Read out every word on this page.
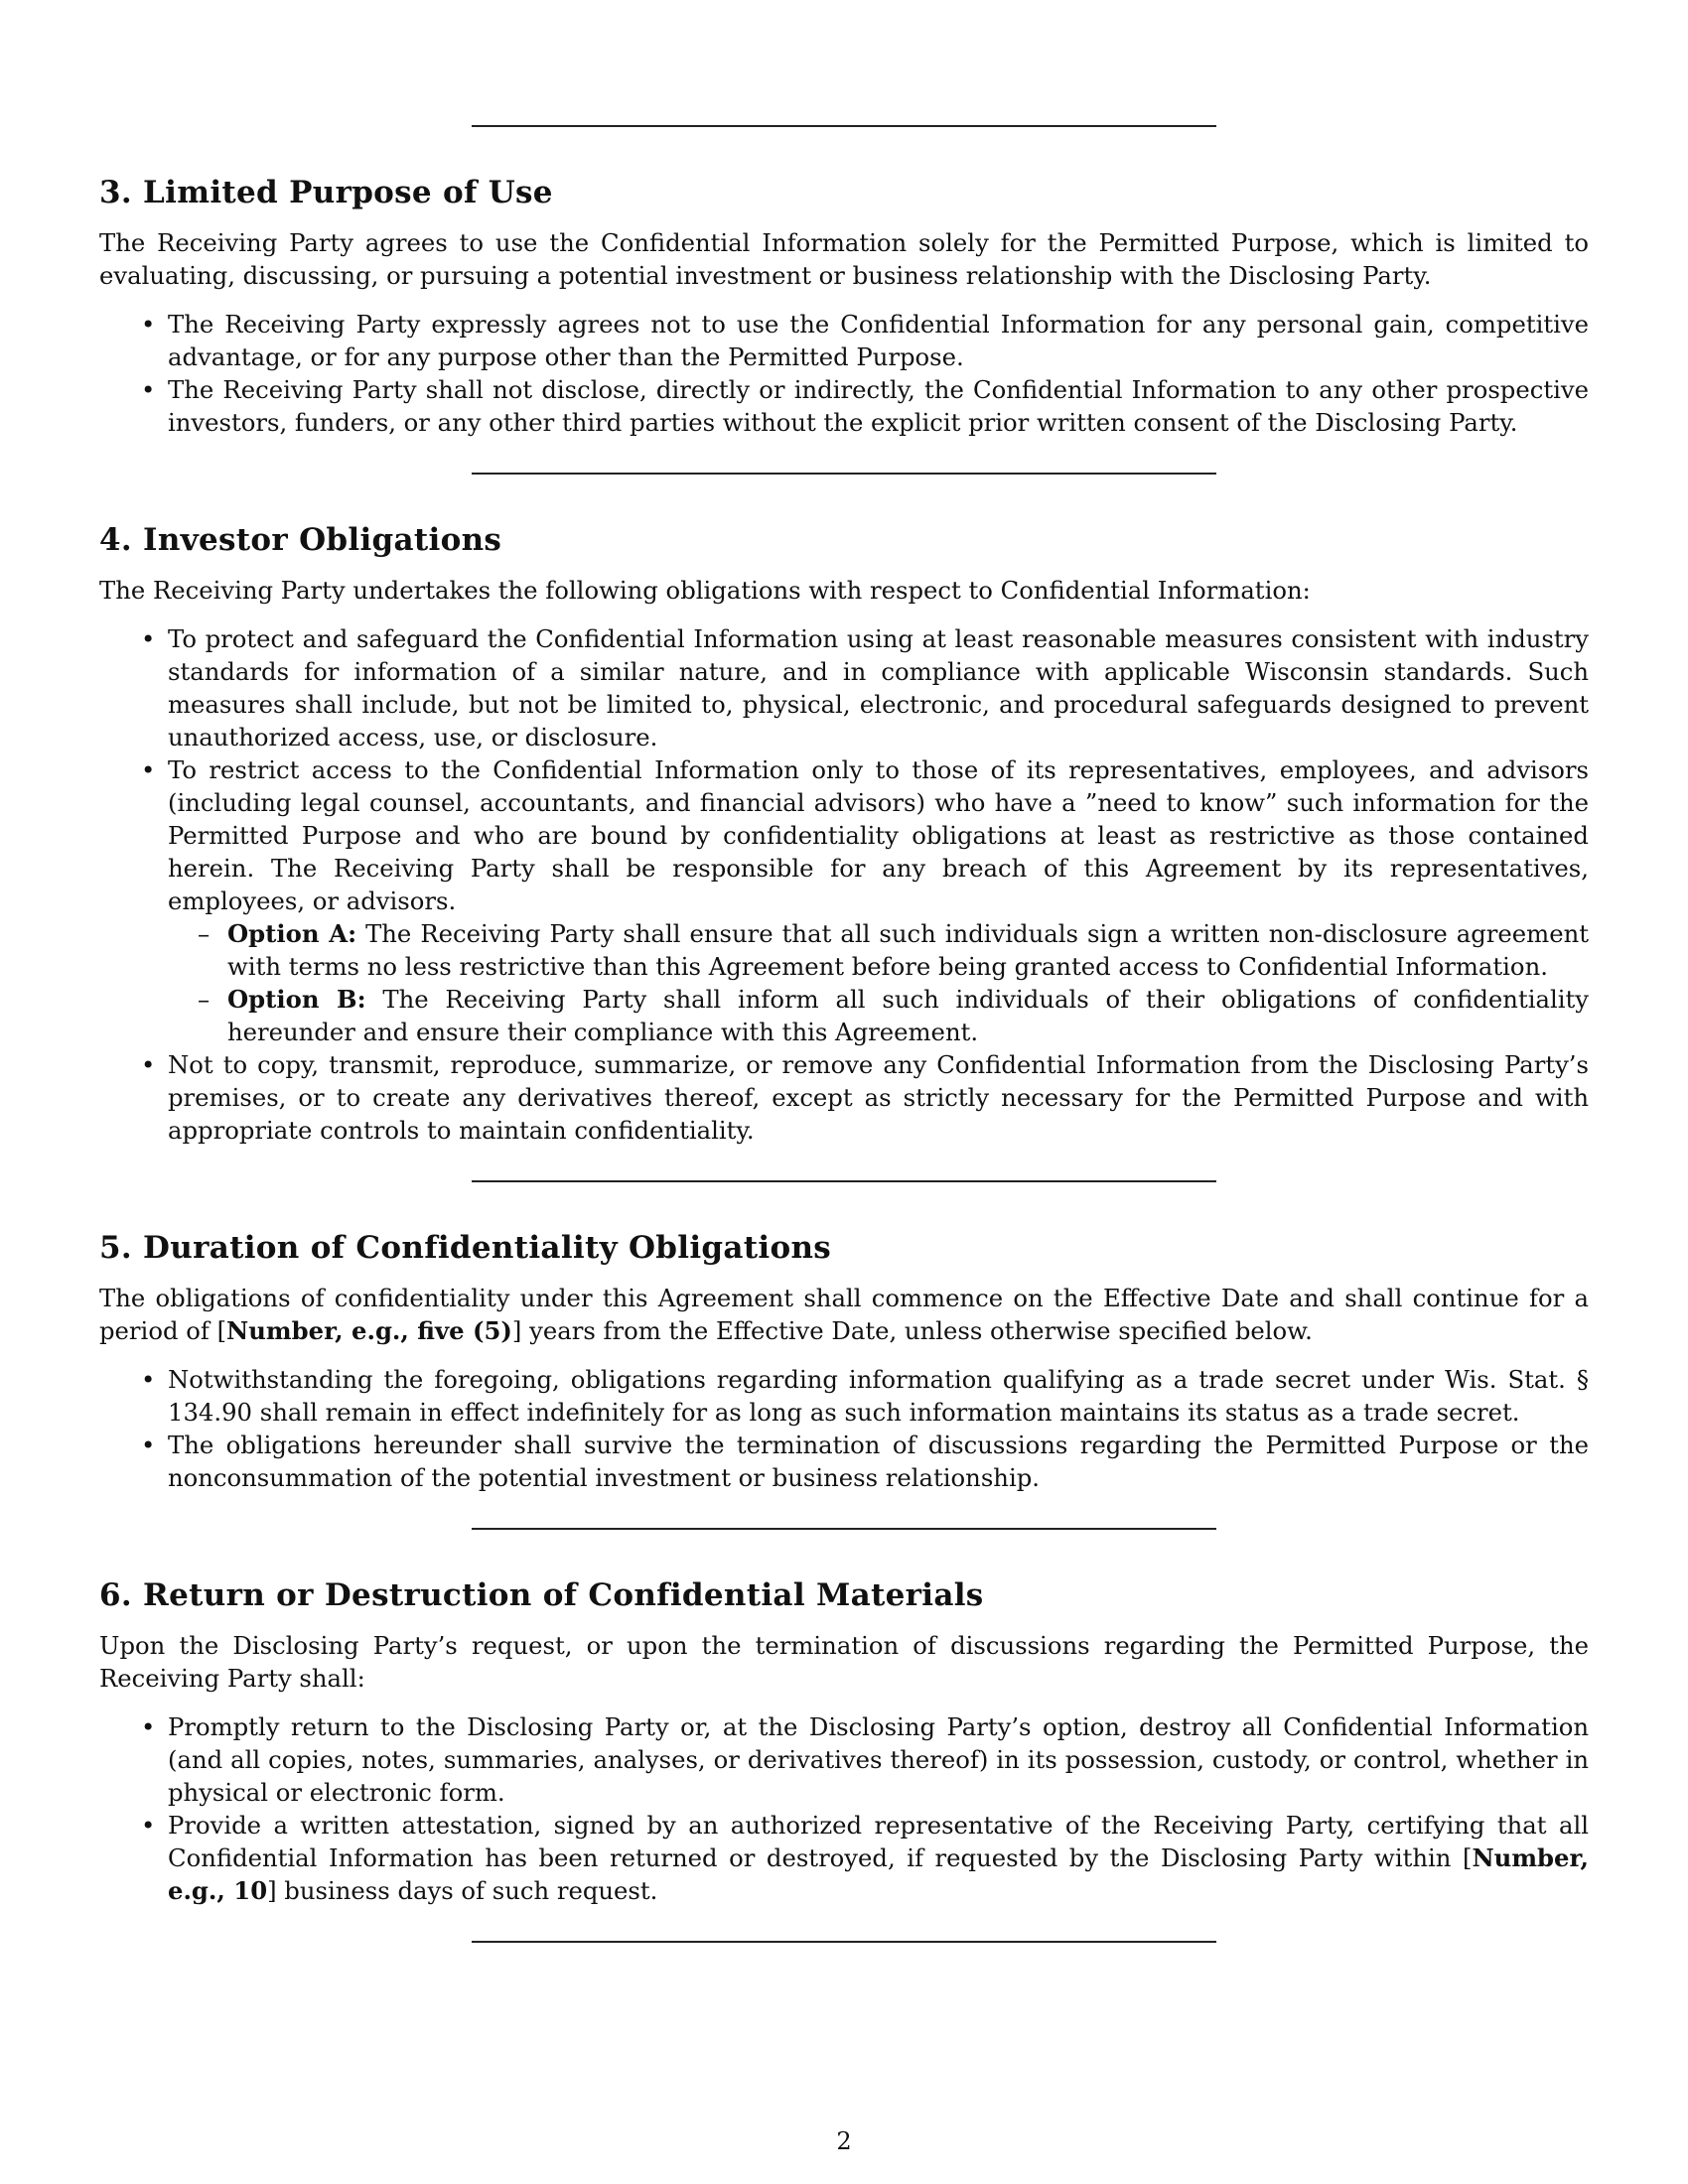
3. Limited Purpose of Use

The Receiving Party agrees to use the Confidential Information solely for the Permitted Purpose, which is limited to evaluating, discussing, or pursuing a potential investment or business relationship with the Disclosing Party.

• The Receiving Party expressly agrees not to use the Confidential Information for any personal gain, competitive advantage, or for any purpose other than the Permitted Purpose.
• The Receiving Party shall not disclose, directly or indirectly, the Confidential Information to any other prospective investors, funders, or any other third parties without the explicit prior written consent of the Disclosing Party.
4. Investor Obligations

The Receiving Party undertakes the following obligations with respect to Confidential Information:

• To protect and safeguard the Confidential Information using at least reasonable measures consistent with industry standards for information of a similar nature, and in compliance with applicable Wisconsin standards. Such measures shall include, but not be limited to, physical, electronic, and procedural safeguards designed to prevent unauthorized access, use, or disclosure.
• To restrict access to the Confidential Information only to those of its representatives, employees, and advisors (including legal counsel, accountants, and financial advisors) who have a ”need to know” such information for the Permitted Purpose and who are bound by confidentiality obligations at least as restrictive as those contained herein. The Receiving Party shall be responsible for any breach of this Agreement by its representatives, employees, or advisors.
– Option A: The Receiving Party shall ensure that all such individuals sign a written non-disclosure agreement with terms no less restrictive than this Agreement before being granted access to Confidential Information.
– Option B: The Receiving Party shall inform all such individuals of their obligations of confidentiality hereunder and ensure their compliance with this Agreement.
• Not to copy, transmit, reproduce, summarize, or remove any Confidential Information from the Disclosing Party’s premises, or to create any derivatives thereof, except as strictly necessary for the Permitted Purpose and with appropriate controls to maintain confidentiality.
5. Duration of Confidentiality Obligations

The obligations of confidentiality under this Agreement shall commence on the Effective Date and shall continue for a period of [Number, e.g., five (5)] years from the Effective Date, unless otherwise specified below.

• Notwithstanding the foregoing, obligations regarding information qualifying as a trade secret under Wis. Stat. § 134.90 shall remain in effect indefinitely for as long as such information maintains its status as a trade secret.
• The obligations hereunder shall survive the termination of discussions regarding the Permitted Purpose or the nonconsummation of the potential investment or business relationship.
6. Return or Destruction of Confidential Materials

Upon the Disclosing Party’s request, or upon the termination of discussions regarding the Permitted Purpose, the Receiving Party shall:

• Promptly return to the Disclosing Party or, at the Disclosing Party’s option, destroy all Confidential Information (and all copies, notes, summaries, analyses, or derivatives thereof) in its possession, custody, or control, whether in physical or electronic form.
• Provide a written attestation, signed by an authorized representative of the Receiving Party, certifying that all Confidential Information has been returned or destroyed, if requested by the Disclosing Party within [Number, e.g., 10] business days of such request.
2
